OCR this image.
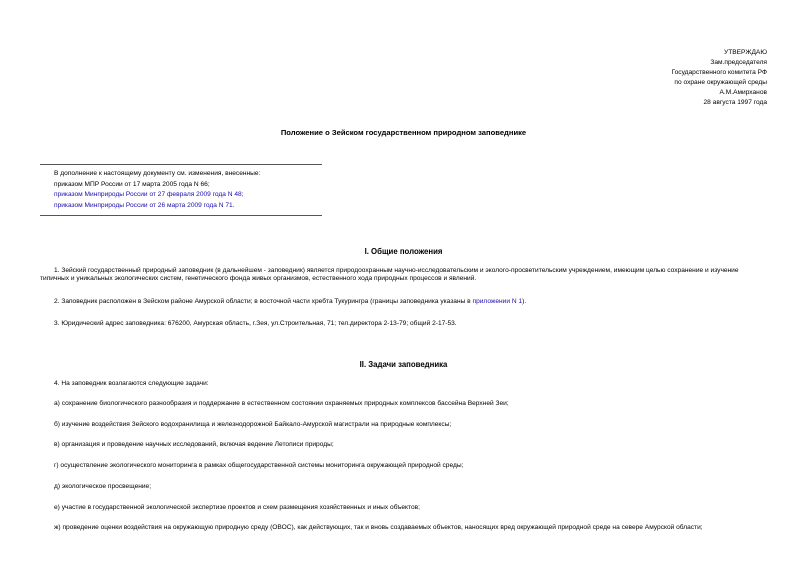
УТВЕРЖДАЮ
Зам.председателя
Государственного комитета РФ
по охране окружающей среды
А.М.Амирханов
28 августа 1997 года
Положение о Зейском государственном природном заповеднике
В дополнение к настоящему документу см. изменения, внесенные:
приказом МПР России от 17 марта 2005 года N 66;
приказом Минприроды России от 27 февраля 2009 года N 48;
приказом Минприроды России от 26 марта 2009 года N 71.
I. Общие положения
1. Зейский государственный природный заповедник (в дальнейшем - заповедник) является природоохранным научно-исследовательским и эколого-просветительским учреждением, имеющим целью сохранение и изучение типичных и уникальных экологических систем, генетического фонда живых организмов, естественного хода природных процессов и явлений.
2. Заповедник расположен в Зейском районе Амурской области; в восточной части хребта Тукурингра (границы заповедника указаны в приложении N 1).
3. Юридический адрес заповедника: 676200, Амурская область, г.Зея, ул.Строительная, 71; тел.директора 2-13-79; общий 2-17-53.
II. Задачи заповедника
4. На заповедник возлагаются следующие задачи:
а) сохранение биологического разнообразия и поддержание в естественном состоянии охраняемых природных комплексов бассейна Верхней Зеи;
б) изучение воздействия Зейского водохранилища и железнодорожной Байкало-Амурской магистрали на природные комплексы;
в) организация и проведение научных исследований, включая ведение Летописи природы;
г) осуществление экологического мониторинга в рамках общегосударственной системы мониторинга окружающей природной среды;
д) экологическое просвещение;
е) участие в государственной экологической экспертизе проектов и схем размещения хозяйственных и иных объектов;
ж) проведение оценки воздействия на окружающую природную среду (ОВОС), как действующих, так и вновь создаваемых объектов, наносящих вред окружающей природной среде на севере Амурской области;
